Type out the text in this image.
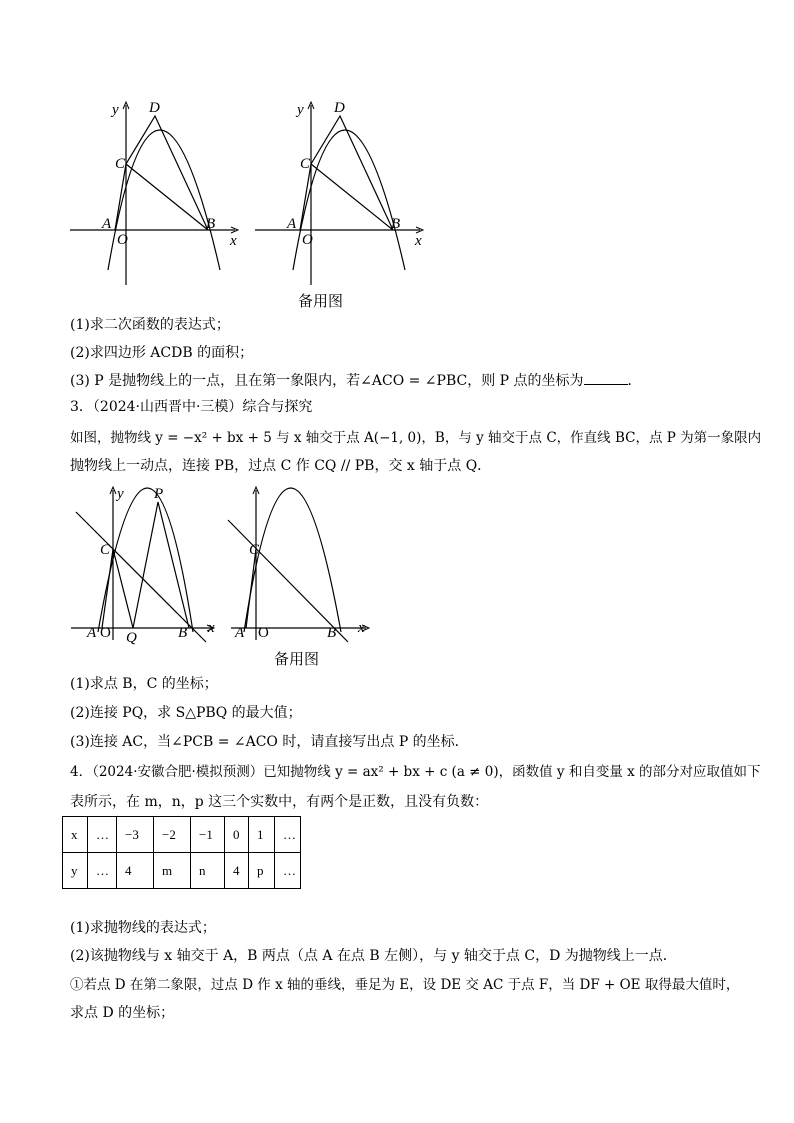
y D
C
A
O
B
x
y D
C
A
O
B
x
备用图
(1)求二次函数的表达式；
(2)求四边形 ACDB 的面积；
(3) P 是抛物线上的一点，且在第一象限内，若∠ACO = ∠PBC，则 P 点的坐标为	．
3．（2024·山西晋中·三模）综合与探究
如图，抛物线 y = −x² + bx + 5 与 x 轴交于点 A(−1, 0)，B，与 y 轴交于点 C，作直线 BC，点 P 为第一象限内
抛物线上一动点，连接 PB，过点 C 作 CQ // PB，交 x 轴于点 Q．
y P
C
A O Q	B x
C
A O	B x
备用图
(1)求点 B，C 的坐标；
(2)连接 PQ，求 S△PBQ 的最大值；
(3)连接 AC，当∠PCB = ∠ACO 时，请直接写出点 P 的坐标．
4．（2024·安徽合肥·模拟预测）已知抛物线 y = ax² + bx + c (a ≠ 0)，函数值 y 和自变量 x 的部分对应取值如下
表所示，在 m，n，p 这三个实数中，有两个是正数，且没有负数：
x	…	−3	−2	−1	0	1	…
y	…	4	m	n	4	p	…
(1)求抛物线的表达式；
(2)该抛物线与 x 轴交于 A，B 两点（点 A 在点 B 左侧），与 y 轴交于点 C，D 为抛物线上一点．
①若点 D 在第二象限，过点 D 作 x 轴的垂线，垂足为 E，设 DE 交 AC 于点 F，当 DF + OE 取得最大值时，
求点 D 的坐标；
